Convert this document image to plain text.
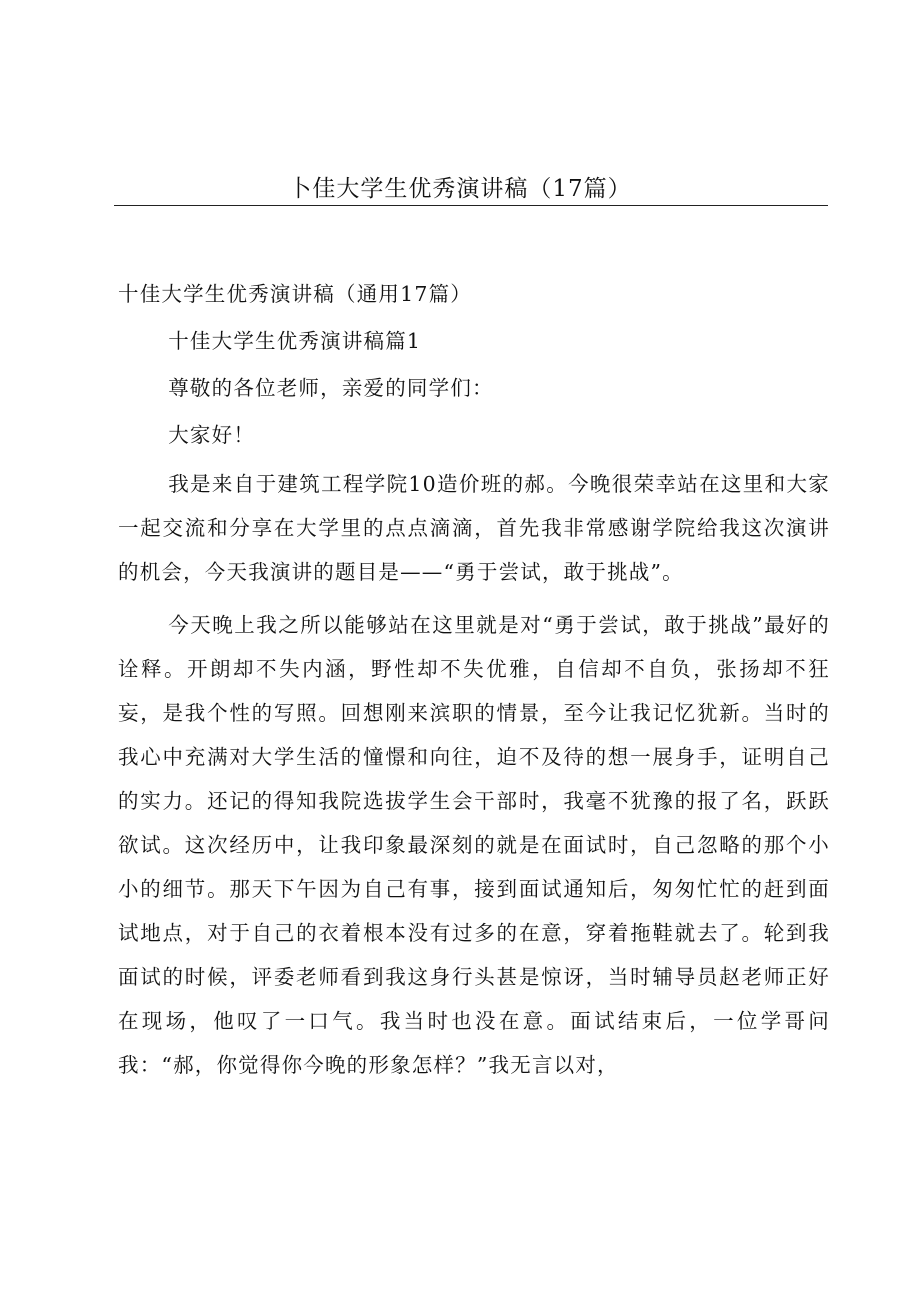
卜佳大学生优秀演讲稿（17篇）

十佳大学生优秀演讲稿（通用17篇）

十佳大学生优秀演讲稿篇1

尊敬的各位老师，亲爱的同学们：

大家好！

我是来自于建筑工程学院10造价班的郝。今晚很荣幸站在这里和大家一起交流和分享在大学里的点点滴滴，首先我非常感谢学院给我这次演讲的机会，今天我演讲的题目是——“勇于尝试，敢于挑战”。

今天晚上我之所以能够站在这里就是对“勇于尝试，敢于挑战”最好的诠释。开朗却不失内涵，野性却不失优雅，自信却不自负，张扬却不狂妄，是我个性的写照。回想刚来滨职的情景，至今让我记忆犹新。当时的我心中充满对大学生活的憧憬和向往，迫不及待的想一展身手，证明自己的实力。还记的得知我院选拔学生会干部时，我毫不犹豫的报了名，跃跃欲试。这次经历中，让我印象最深刻的就是在面试时，自己忽略的那个小小的细节。那天下午因为自己有事，接到面试通知后，匆匆忙忙的赶到面试地点，对于自己的衣着根本没有过多的在意，穿着拖鞋就去了。轮到我面试的时候，评委老师看到我这身行头甚是惊讶，当时辅导员赵老师正好在现场，他叹了一口气。我当时也没在意。面试结束后，一位学哥问我：“郝，你觉得你今晚的形象怎样？”我无言以对，
